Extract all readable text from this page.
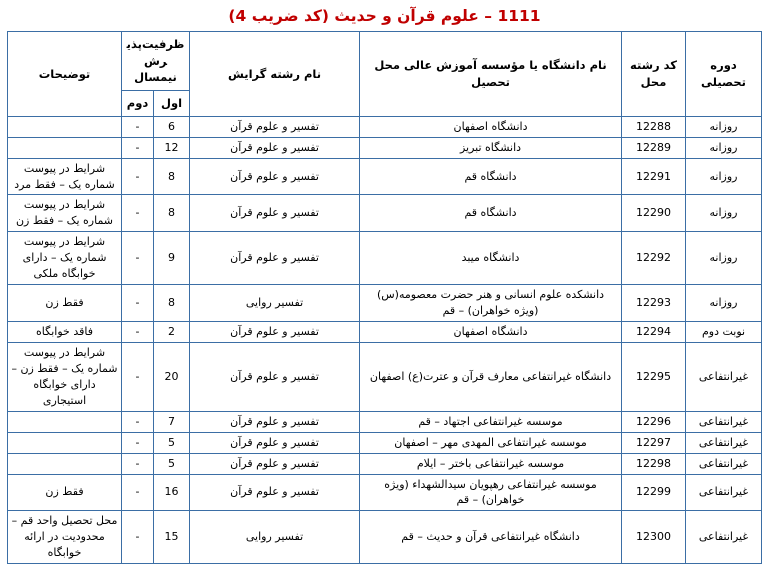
1111 – علوم قرآن و حديث (کد ضریب 4)
دوره تحصیلی	کد رشته محل	نام دانشگاه یا مؤسسه آموزش عالی محل تحصیل	نام رشته گرایش	ظرفیت‌پذیرش نیمسال		توضیحات
				اول	دوم	
روزانه	12288	دانشگاه اصفهان	تفسیر و علوم قرآن	6	-	
روزانه	12289	دانشگاه تبریز	تفسیر و علوم قرآن	12	-	
روزانه	12291	دانشگاه قم	تفسیر و علوم قرآن	8	-	شرایط در پیوست شماره یک – فقط مرد
روزانه	12290	دانشگاه قم	تفسیر و علوم قرآن	8	-	شرایط در پیوست شماره یک – فقط زن
روزانه	12292	دانشگاه میبد	تفسیر و علوم قرآن	9	-	شرایط در پیوست شماره یک – دارای خوابگاه ملکی
روزانه	12293	دانشکده علوم انسانی و هنر حضرت معصومه(س) (ویژه خواهران) – قم	تفسیر روایی	8	-	فقط زن
نوبت دوم	12294	دانشگاه اصفهان	تفسیر و علوم قرآن	2	-	فاقد خوابگاه
غیرانتفاعی	12295	دانشگاه غیرانتفاعی معارف قرآن و عترت(ع) اصفهان	تفسیر و علوم قرآن	20	-	شرایط در پیوست شماره یک – فقط زن – دارای خوابگاه استیجاری
غیرانتفاعی	12296	موسسه غیرانتفاعی اجتهاد – قم	تفسیر و علوم قرآن	7	-	
غیرانتفاعی	12297	موسسه غیرانتفاعی المهدی مهر – اصفهان	تفسیر و علوم قرآن	5	-	
غیرانتفاعی	12298	موسسه غیرانتفاعی باختر – ایلام	تفسیر و علوم قرآن	5	-	
غیرانتفاعی	12299	موسسه غیرانتفاعی رهپویان سیدالشهداء (ویژه خواهران) – قم	تفسیر و علوم قرآن	16	-	فقط زن
غیرانتفاعی	12300	دانشگاه غیرانتفاعی قرآن و حدیث – قم	تفسیر روایی	15	-	محل تحصیل واحد قم – محدودیت در ارائه خوابگاه
